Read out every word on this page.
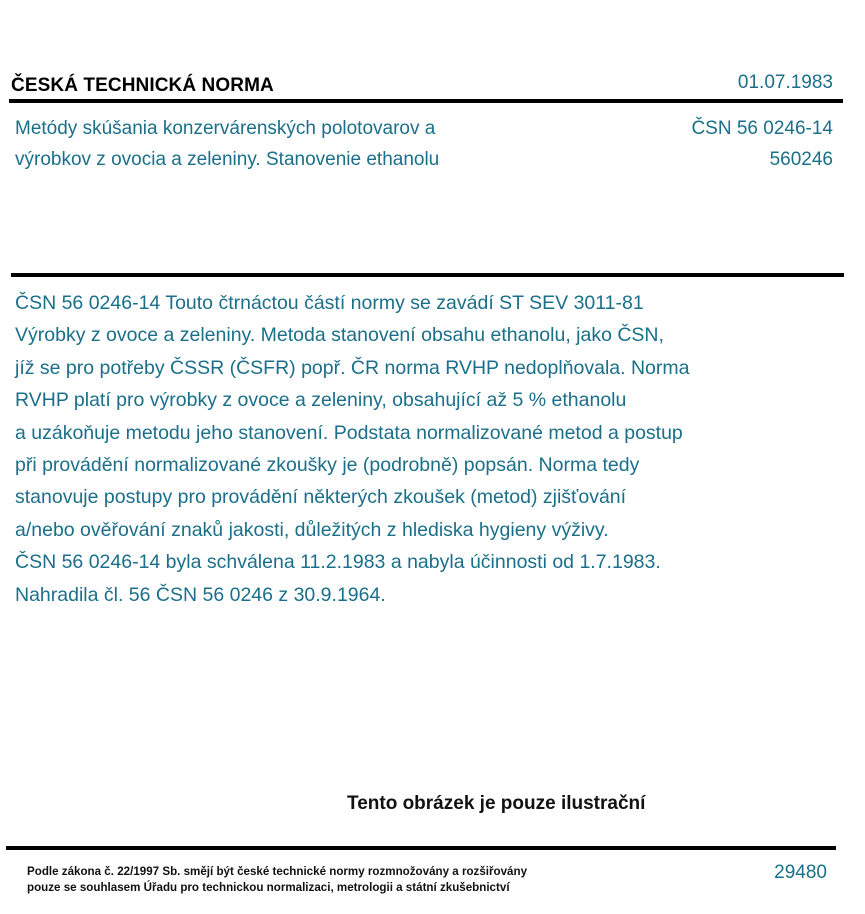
ČESKÁ TECHNICKÁ NORMA	01.07.1983
Metódy skúšania konzervárenských polotovarov a
výrobkov z ovocia a zeleniny. Stanovenie ethanolu
ČSN 56 0246-14
560246
ČSN 56 0246-14 Touto čtrnáctou částí normy se zavádí ST SEV 3011-81
Výrobky z ovoce a zeleniny. Metoda stanovení obsahu ethanolu, jako ČSN,
jíž se pro potřeby ČSSR (ČSFR) popř. ČR norma RVHP nedoplňovala. Norma
RVHP platí pro výrobky z ovoce a zeleniny, obsahující až 5 % ethanolu
a uzákoňuje metodu jeho stanovení. Podstata normalizované metod a postup
při provádění normalizované zkoušky je (podrobně) popsán. Norma tedy
stanovuje postupy pro provádění některých zkoušek (metod) zjišťování
a/nebo ověřování znaků jakosti, důležitých z hlediska hygieny výživy.
ČSN 56 0246-14 byla schválena 11.2.1983 a nabyla účinnosti od 1.7.1983.
Nahradila čl. 56 ČSN 56 0246 z 30.9.1964.
Tento obrázek je pouze ilustrační
Podle zákona č. 22/1997 Sb. smějí být české technické normy rozmnožovány a rozšiřovány
pouze se souhlasem Úřadu pro technickou normalizaci, metrologii a státní zkušebnictví
29480
